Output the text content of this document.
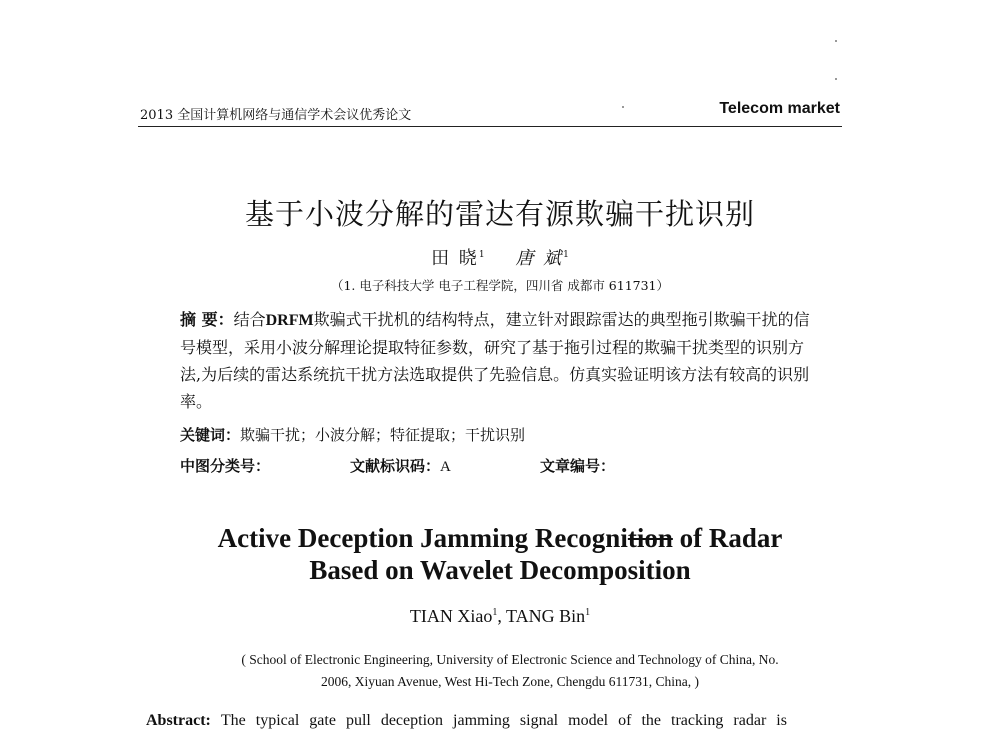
2013 全国计算机网络与通信学术会议优秀论文	Telecom market
基于小波分解的雷达有源欺骗干扰识别
田 晓$^1$ 唐 斌$^1$
（1. 电子科技大学 电子工程学院，四川省 成都市 611731）
摘 要：结合DRFM欺骗式干扰机的结构特点，建立针对跟踪雷达的典型拖引欺骗干扰的信号模型，采用小波分解理论提取特征参数，研究了基于拖引过程的欺骗干扰类型的识别方法,为后续的雷达系统抗干扰方法选取提供了先验信息。仿真实验证明该方法有较高的识别率。
关键词：欺骗干扰；小波分解；特征提取；干扰识别
中图分类号：	文献标识码：A	文章编号：
Active Deception Jamming Recognition of Radar
Based on Wavelet Decomposition
TIAN Xiao$^1$, TANG Bin$^1$
( School of Electronic Engineering, University of Electronic Science and Technology of China, No.
2006, Xiyuan Avenue, West Hi-Tech Zone, Chengdu 611731, China, )
Abstract: The typical gate pull deception jamming signal model of the tracking radar is
